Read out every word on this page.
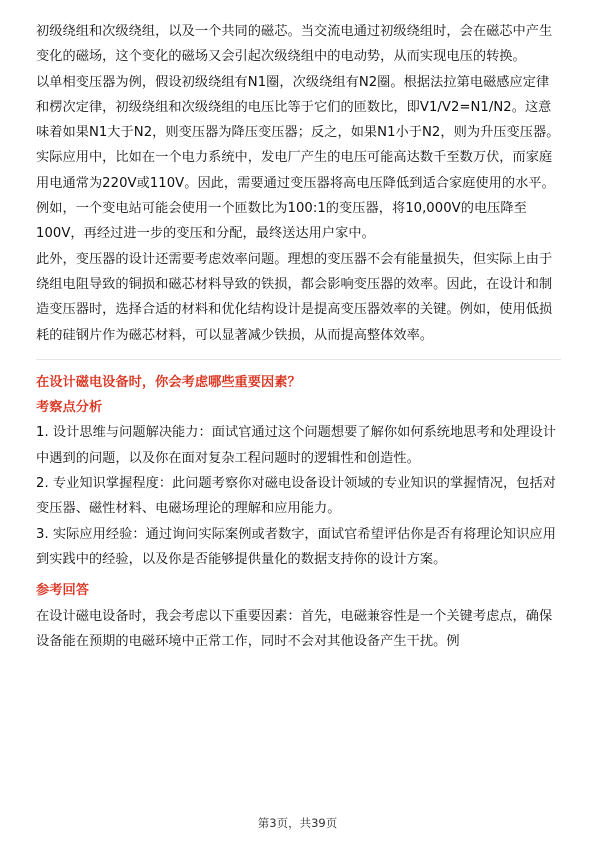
初级绕组和次级绕组，以及一个共同的磁芯。当交流电通过初级绕组时，会在磁芯中产生变化的磁场，这个变化的磁场又会引起次级绕组中的电动势，从而实现电压的转换。

以单相变压器为例，假设初级绕组有N1圈，次级绕组有N2圈。根据法拉第电磁感应定律和楞次定律，初级绕组和次级绕组的电压比等于它们的匝数比，即V1/V2=N1/N2。这意味着如果N1大于N2，则变压器为降压变压器；反之，如果N1小于N2，则为升压变压器。

实际应用中，比如在一个电力系统中，发电厂产生的电压可能高达数千至数万伏，而家庭用电通常为220V或110V。因此，需要通过变压器将高电压降低到适合家庭使用的水平。例如，一个变电站可能会使用一个匝数比为100:1的变压器，将10,000V的电压降至100V，再经过进一步的变压和分配，最终送达用户家中。

此外，变压器的设计还需要考虑效率问题。理想的变压器不会有能量损失，但实际上由于绕组电阻导致的铜损和磁芯材料导致的铁损，都会影响变压器的效率。因此，在设计和制造变压器时，选择合适的材料和优化结构设计是提高变压器效率的关键。例如，使用低损耗的硅钢片作为磁芯材料，可以显著减少铁损，从而提高整体效率。

在设计磁电设备时，你会考虑哪些重要因素？

考察点分析

1. 设计思维与问题解决能力：面试官通过这个问题想要了解你如何系统地思考和处理设计中遇到的问题，以及你在面对复杂工程问题时的逻辑性和创造性。

2. 专业知识掌握程度：此问题考察你对磁电设备设计领域的专业知识的掌握情况，包括对变压器、磁性材料、电磁场理论的理解和应用能力。

3. 实际应用经验：通过询问实际案例或者数字，面试官希望评估你是否有将理论知识应用到实践中的经验，以及你是否能够提供量化的数据支持你的设计方案。

参考回答

在设计磁电设备时，我会考虑以下重要因素：首先，电磁兼容性是一个关键考虑点，确保设备能在预期的电磁环境中正常工作，同时不会对其他设备产生干扰。例

第3页，共39页
